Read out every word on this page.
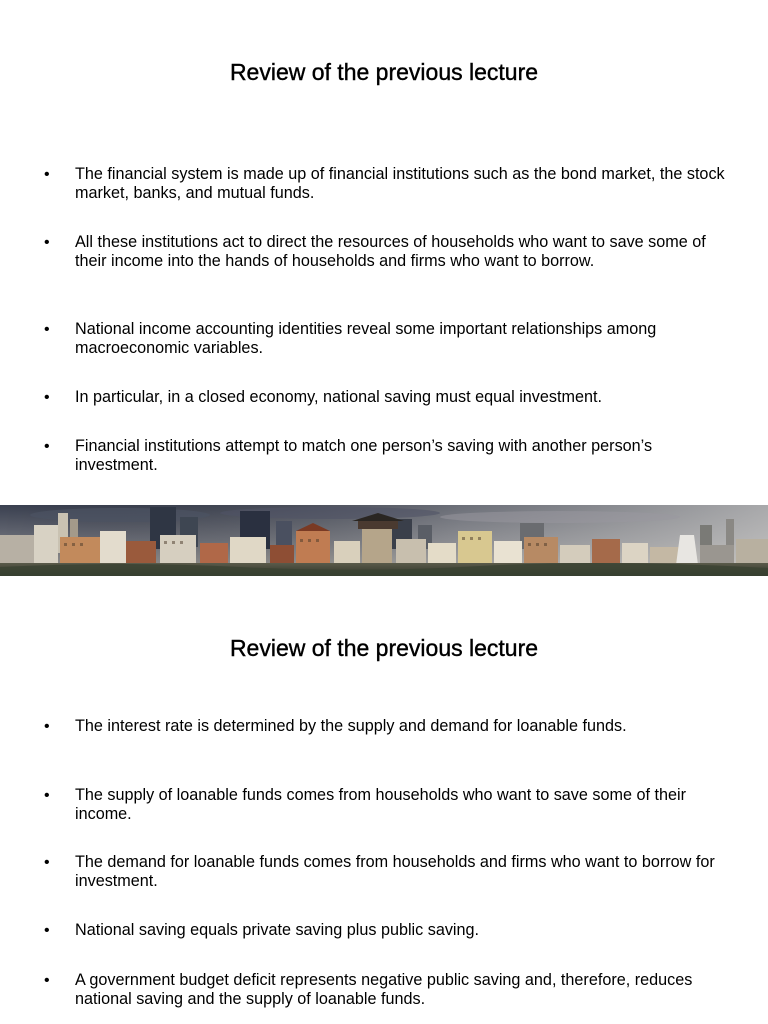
Review of the previous lecture
• The financial system is made up of financial institutions such as the bond market, the stock market, banks, and mutual funds.
• All these institutions act to direct the resources of households who want to save some of their income into the hands of households and firms who want to borrow.
• National income accounting identities reveal some important relationships among macroeconomic variables.
• In particular, in a closed economy, national saving must equal investment.
• Financial institutions attempt to match one person’s saving with another person’s investment.
Review of the previous lecture
• The interest rate is determined by the supply and demand for loanable funds.
• The supply of loanable funds comes from households who want to save some of their income.
• The demand for loanable funds comes from households and firms who want to borrow for investment.
• National saving equals private saving plus public saving.
• A government budget deficit represents negative public saving and, therefore, reduces national saving and the supply of loanable funds.
